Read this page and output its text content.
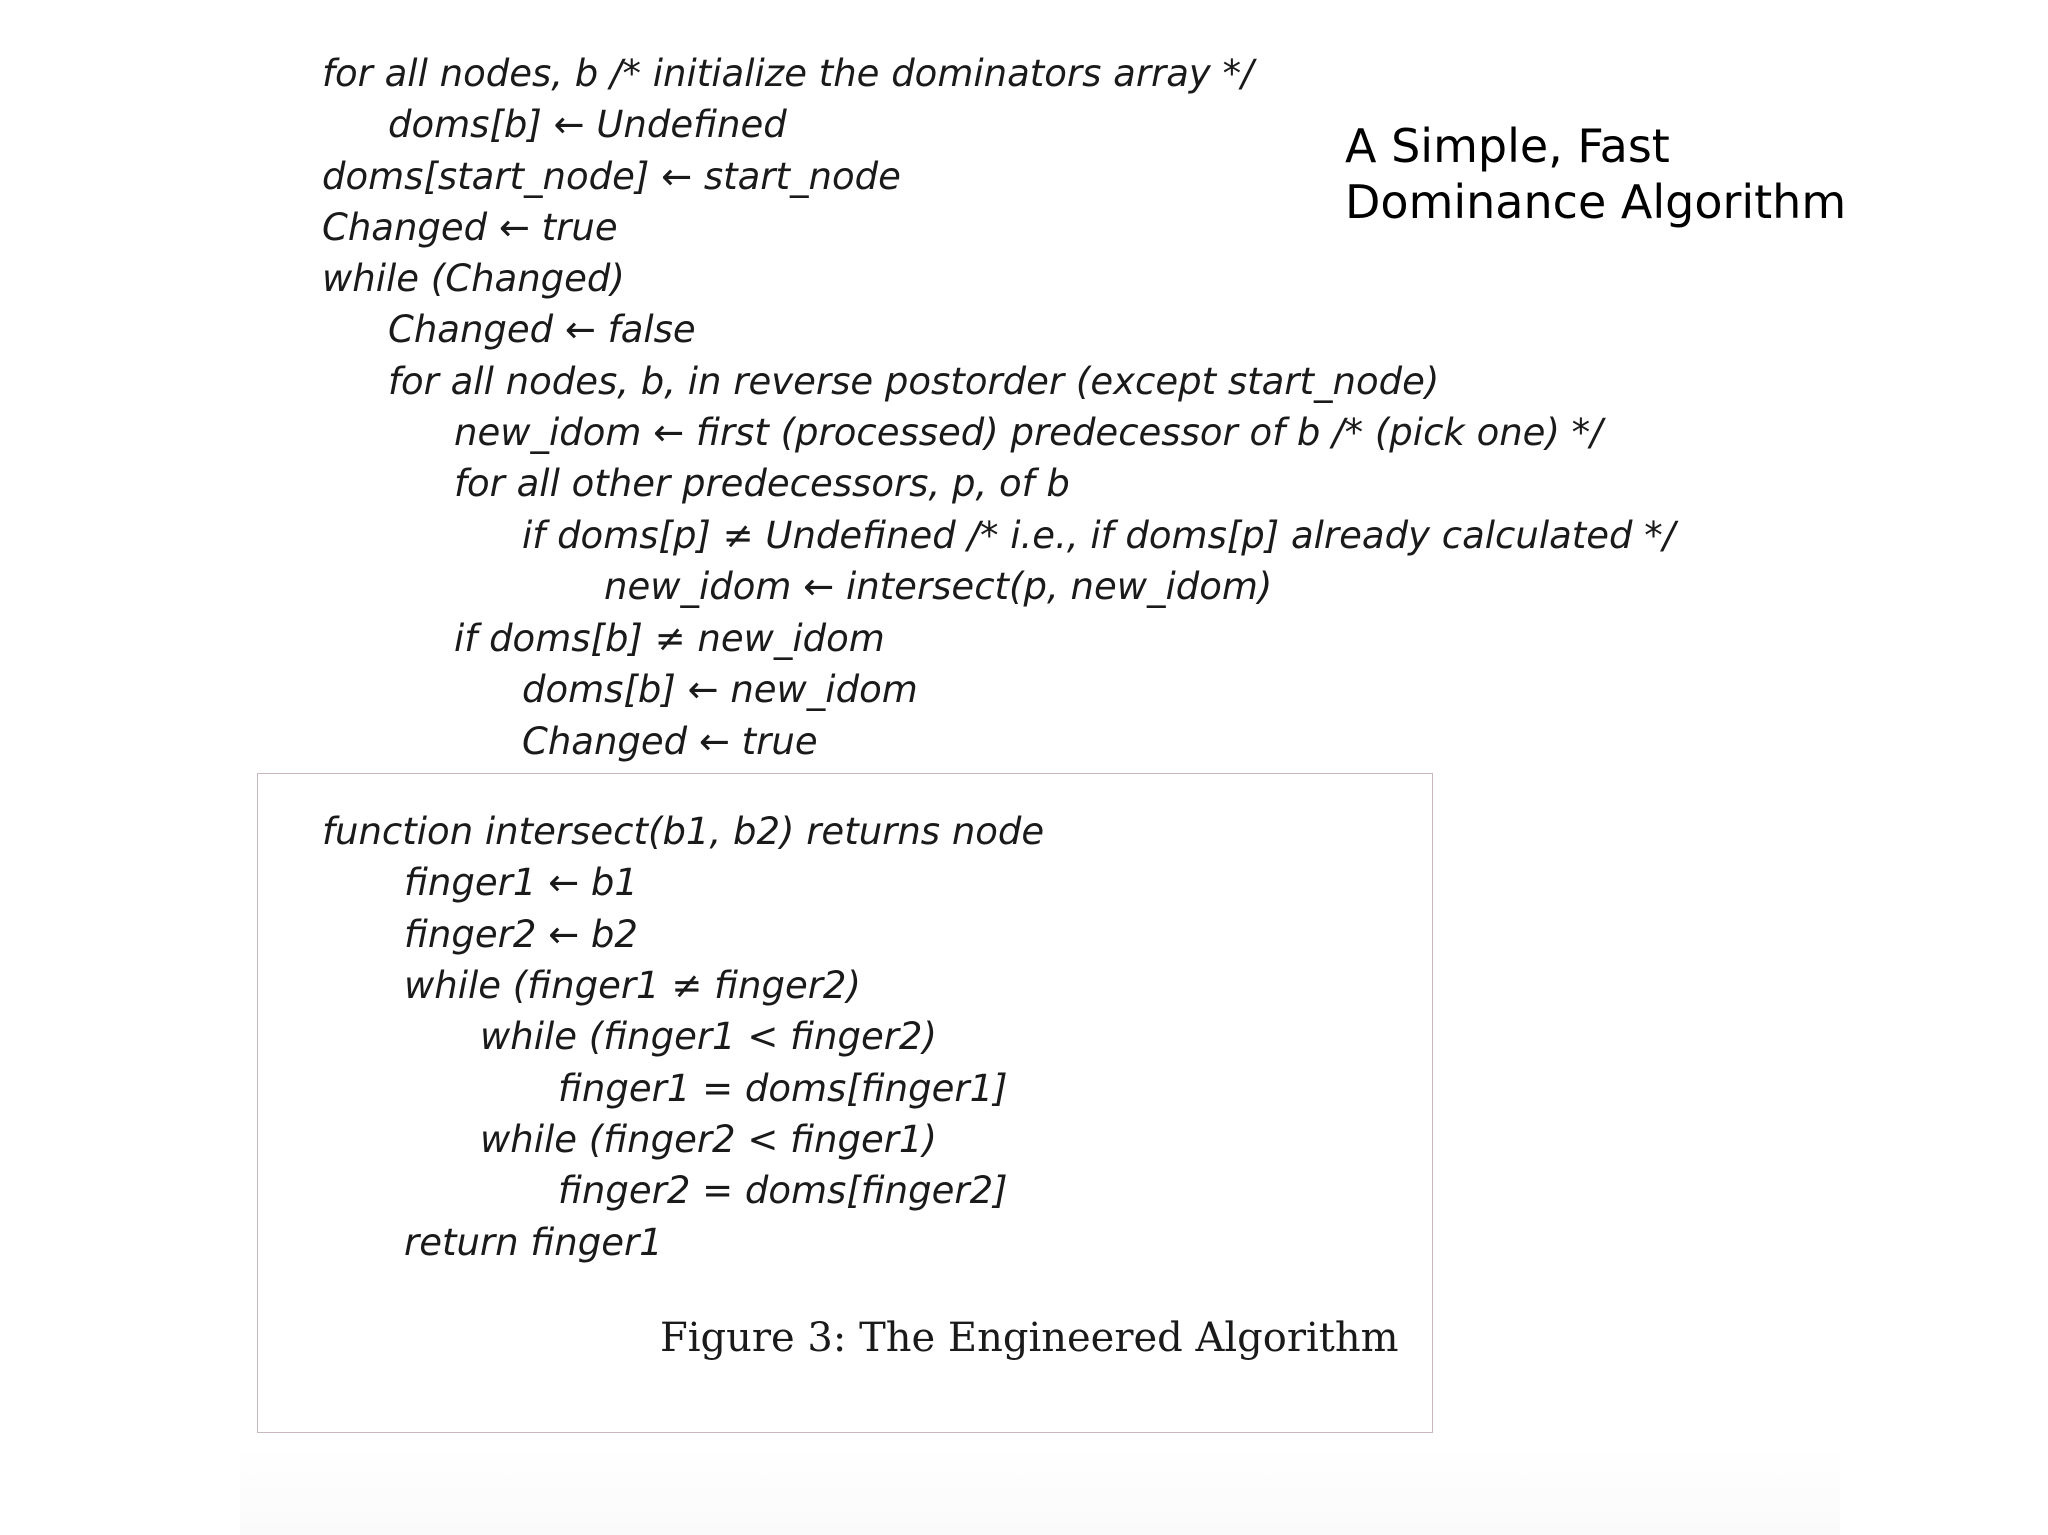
A Simple, Fast
Dominance Algorithm
for all nodes, b /* initialize the dominators array */
doms[b] ← Undefined
doms[start_node] ← start_node
Changed ← true
while (Changed)
Changed ← false
for all nodes, b, in reverse postorder (except start_node)
new_idom ← first (processed) predecessor of b /* (pick one) */
for all other predecessors, p, of b
if doms[p] ≠ Undefined /* i.e., if doms[p] already calculated */
new_idom ← intersect(p, new_idom)
if doms[b] ≠ new_idom
doms[b] ← new_idom
Changed ← true
function intersect(b1, b2) returns node
finger1 ← b1
finger2 ← b2
while (finger1 ≠ finger2)
while (finger1 < finger2)
finger1 = doms[finger1]
while (finger2 < finger1)
finger2 = doms[finger2]
return finger1
Figure 3: The Engineered Algorithm
